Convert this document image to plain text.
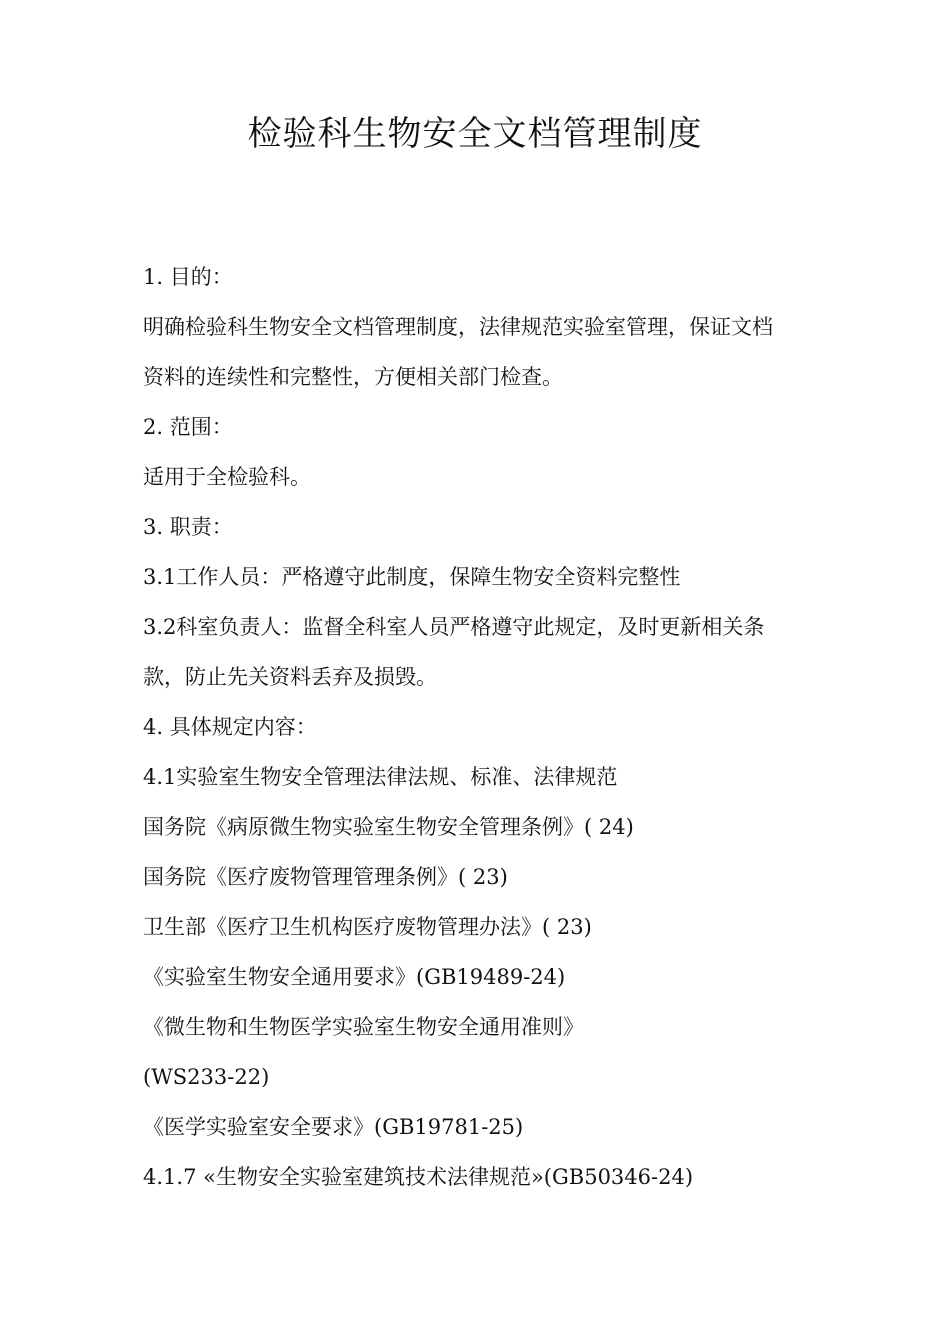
检验科生物安全文档管理制度
1. 目的：
明确检验科生物安全文档管理制度，法律规范实验室管理，保证文档
资料的连续性和完整性，方便相关部门检查。
2. 范围：
适用于全检验科。
3. 职责：
3.1工作人员：严格遵守此制度，保障生物安全资料完整性
3.2科室负责人：监督全科室人员严格遵守此规定，及时更新相关条
款，防止先关资料丢弃及损毁。
4. 具体规定内容：
4.1实验室生物安全管理法律法规、标准、法律规范
国务院《病原微生物实验室生物安全管理条例》( 24)
国务院《医疗废物管理管理条例》( 23)
卫生部《医疗卫生机构医疗废物管理办法》( 23)
《实验室生物安全通用要求》(GB19489-24)
《微生物和生物医学实验室生物安全通用准则》
(WS233-22)
《医学实验室安全要求》(GB19781-25)
4.1.7 «生物安全实验室建筑技术法律规范»(GB50346-24)
